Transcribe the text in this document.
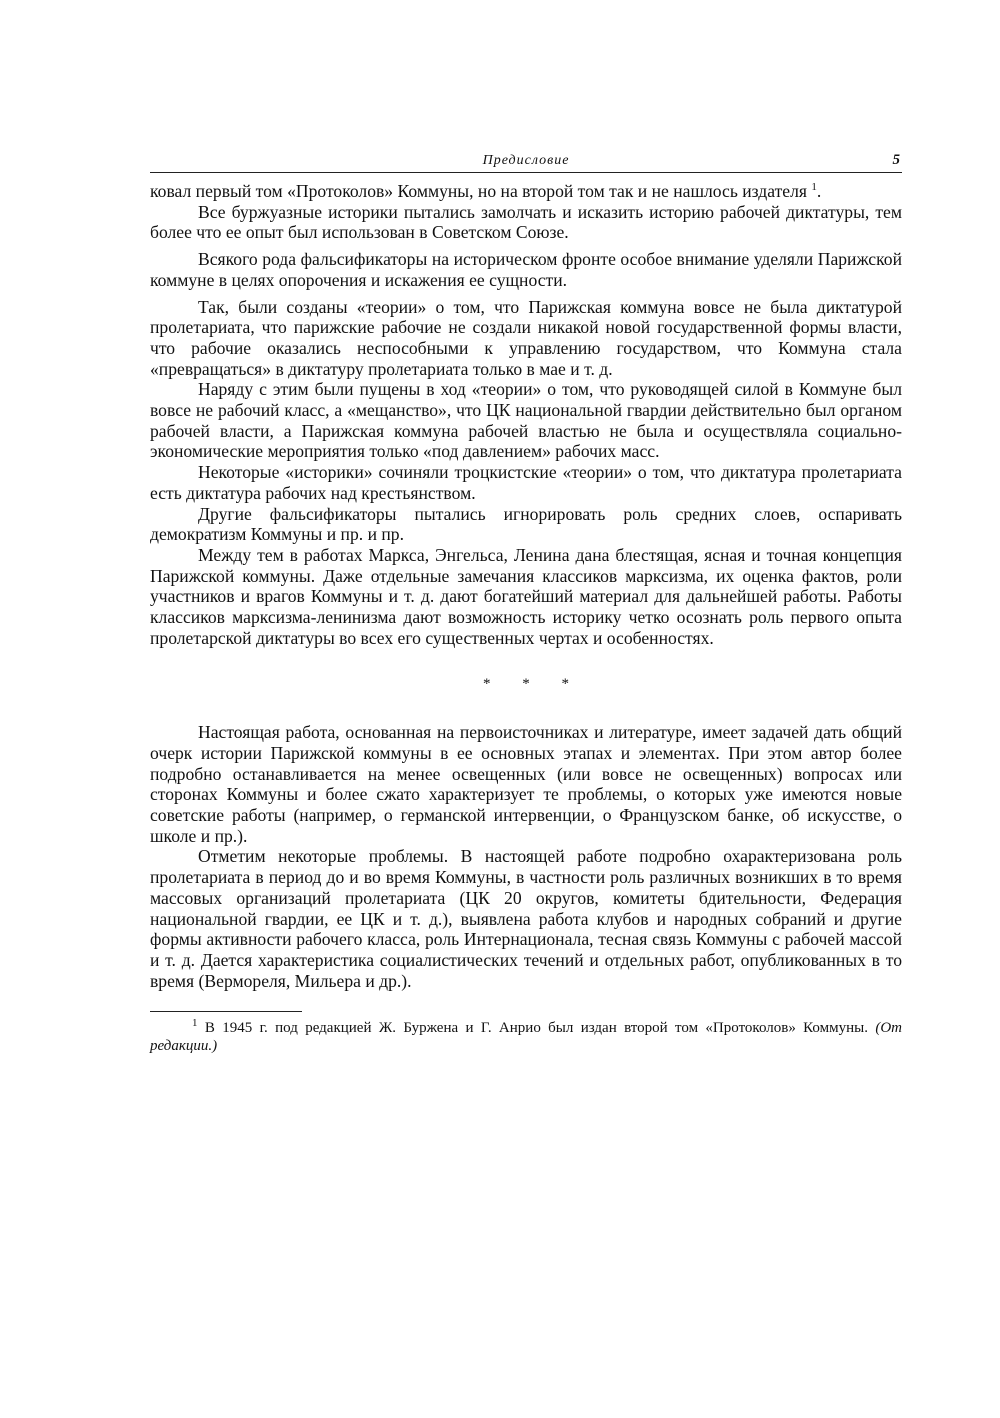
Предисловие	5

ковал первый том «Протоколов» Коммуны, но на второй том так и не нашлось издателя $^1$.

Все буржуазные историки пытались замолчать и исказить историю рабочей диктатуры, тем более что ее опыт был использован в Советском Союзе.

Всякого рода фальсификаторы на историческом фронте особое внимание уделяли Парижской коммуне в целях опорочения и искажения ее сущности.

Так, были созданы «теории» о том, что Парижская коммуна вовсе не была диктатурой пролетариата, что парижские рабочие не создали никакой новой государственной формы власти, что рабочие оказались неспособными к управлению государством, что Коммуна стала «превращаться» в диктатуру пролетариата только в мае и т. д.

Наряду с этим были пущены в ход «теории» о том, что руководящей силой в Коммуне был вовсе не рабочий класс, а «мещанство», что ЦК национальной гвардии действительно был органом рабочей власти, а Парижская коммуна рабочей властью не была и осуществляла социально-экономические мероприятия только «под давлением» рабочих масс.

Некоторые «историки» сочиняли троцкистские «теории» о том, что диктатура пролетариата есть диктатура рабочих над крестьянством.

Другие фальсификаторы пытались игнорировать роль средних слоев, оспаривать демократизм Коммуны и пр. и пр.

Между тем в работах Маркса, Энгельса, Ленина дана блестящая, ясная и точная концепция Парижской коммуны. Даже отдельные замечания классиков марксизма, их оценка фактов, роли участников и врагов Коммуны и т. д. дают богатейший материал для дальнейшей работы. Работы классиков марксизма-ленинизма дают возможность историку четко осознать роль первого опыта пролетарской диктатуры во всех его существенных чертах и особенностях.

* * *

Настоящая работа, основанная на первоисточниках и литературе, имеет задачей дать общий очерк истории Парижской коммуны в ее основных этапах и элементах. При этом автор более подробно останавливается на менее освещенных (или вовсе не освещенных) вопросах или сторонах Коммуны и более сжато характеризует те проблемы, о которых уже имеются новые советские работы (например, о германской интервенции, о Французском банке, об искусстве, о школе и пр.).

Отметим некоторые проблемы. В настоящей работе подробно охарактеризована роль пролетариата в период до и во время Коммуны, в частности роль различных возникших в то время массовых организаций пролетариата (ЦК 20 округов, комитеты бдительности, Федерация национальной гвардии, ее ЦК и т. д.), выявлена работа клубов и народных собраний и другие формы активности рабочего класса, роль Интернационала, тесная связь Коммуны с рабочей массой и т. д. Дается характеристика социалистических течений и отдельных работ, опубликованных в то время (Вермореля, Мильера и др.).

$^1$ В 1945 г. под редакцией Ж. Буржена и Г. Анрио был издан второй том «Протоколов» Коммуны. (От редакции.)
